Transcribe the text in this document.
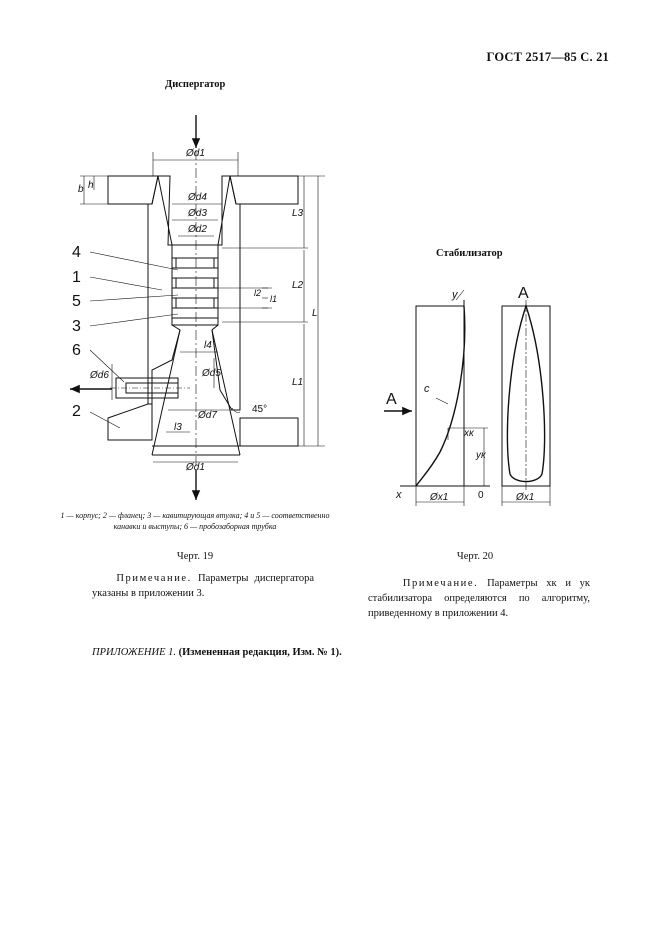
ГОСТ 2517—85 С. 21
Диспергатор
4
1
5
3
6
2
Ød1
Ød4
Ød3
Ød2
Ød1
b h
L3
L2
L
L1
l2
l1
l4
Ød5
Ød7
l3
Ød6
45°
1 — корпус; 2 — фланец; 3 — кавитирующая втулка; 4 и 5 — соответственно канавки и выступы; 6 — пробозаборная трубка
Черт. 19
Стабилизатор
y
x	0
c
A
xк
yк
Øx1
A
Øx1
Черт. 20
Примечание. Параметры диспергатора указаны в приложении 3.
Примечание. Параметры xк и yк стабилизатора определяются по алгоритму, приведенному в приложении 4.
ПРИЛОЖЕНИЕ 1. (Измененная редакция, Изм. № 1).
